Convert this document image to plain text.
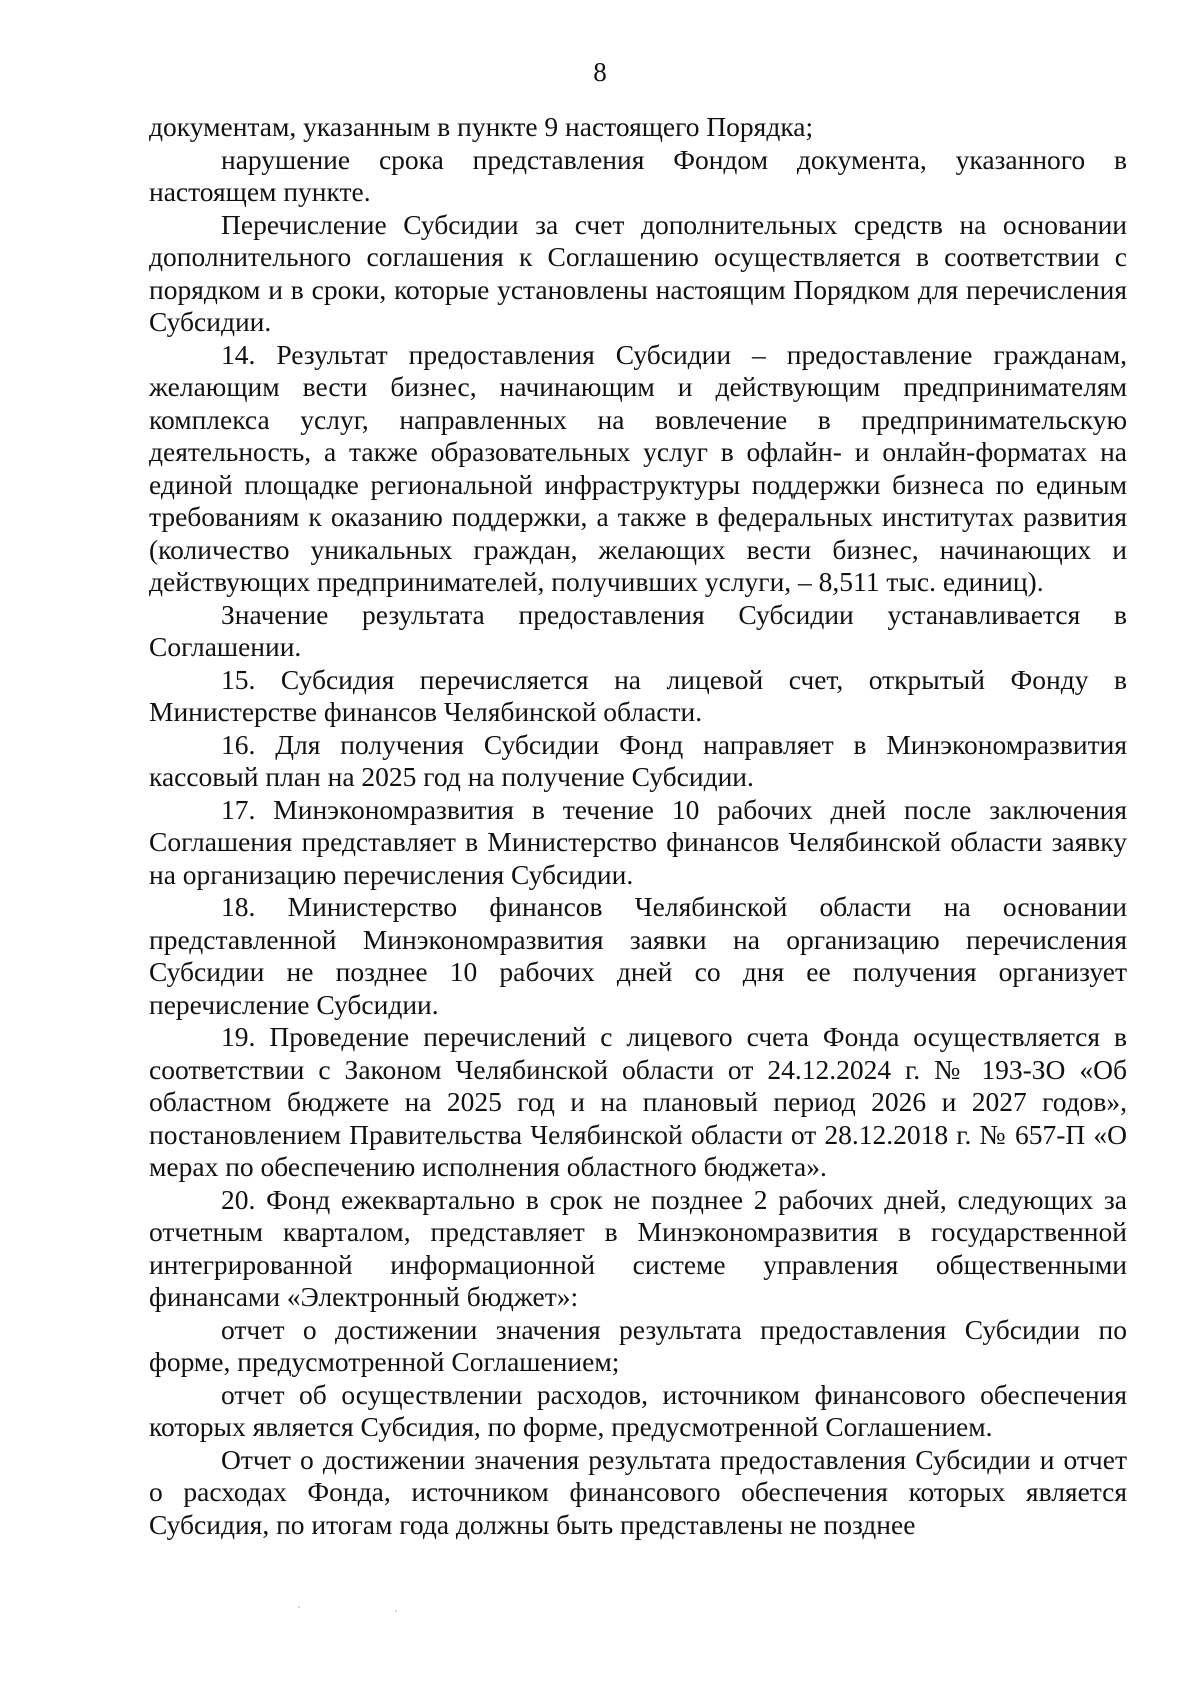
8

документам, указанным в пункте 9 настоящего Порядка;

нарушение срока представления Фондом документа, указанного в настоящем пункте.

Перечисление Субсидии за счет дополнительных средств на основании дополнительного соглашения к Соглашению осуществляется в соответствии с порядком и в сроки, которые установлены настоящим Порядком для перечисления Субсидии.

14. Результат предоставления Субсидии – предоставление гражданам, желающим вести бизнес, начинающим и действующим предпринимателям комплекса услуг, направленных на вовлечение в предпринимательскую деятельность, а также образовательных услуг в офлайн- и онлайн-форматах на единой площадке региональной инфраструктуры поддержки бизнеса по единым требованиям к оказанию поддержки, а также в федеральных институтах развития (количество уникальных граждан, желающих вести бизнес, начинающих и действующих предпринимателей, получивших услуги, – 8,511 тыс. единиц).

Значение результата предоставления Субсидии устанавливается в Соглашении.

15. Субсидия перечисляется на лицевой счет, открытый Фонду в Министерстве финансов Челябинской области.

16. Для получения Субсидии Фонд направляет в Минэкономразвития кассовый план на 2025 год на получение Субсидии.

17. Минэкономразвития в течение 10 рабочих дней после заключения Соглашения представляет в Министерство финансов Челябинской области заявку на организацию перечисления Субсидии.

18. Министерство финансов Челябинской области на основании представленной Минэкономразвития заявки на организацию перечисления Субсидии не позднее 10 рабочих дней со дня ее получения организует перечисление Субсидии.

19. Проведение перечислений с лицевого счета Фонда осуществляется в соответствии с Законом Челябинской области от 24.12.2024 г. № 193-ЗО «Об областном бюджете на 2025 год и на плановый период 2026 и 2027 годов», постановлением Правительства Челябинской области от 28.12.2018 г. № 657-П «О мерах по обеспечению исполнения областного бюджета».

20. Фонд ежеквартально в срок не позднее 2 рабочих дней, следующих за отчетным кварталом, представляет в Минэкономразвития в государственной интегрированной информационной системе управления общественными финансами «Электронный бюджет»:

отчет о достижении значения результата предоставления Субсидии по форме, предусмотренной Соглашением;

отчет об осуществлении расходов, источником финансового обеспечения которых является Субсидия, по форме, предусмотренной Соглашением.

Отчет о достижении значения результата предоставления Субсидии и отчет о расходах Фонда, источником финансового обеспечения которых является Субсидия, по итогам года должны быть представлены не позднее
